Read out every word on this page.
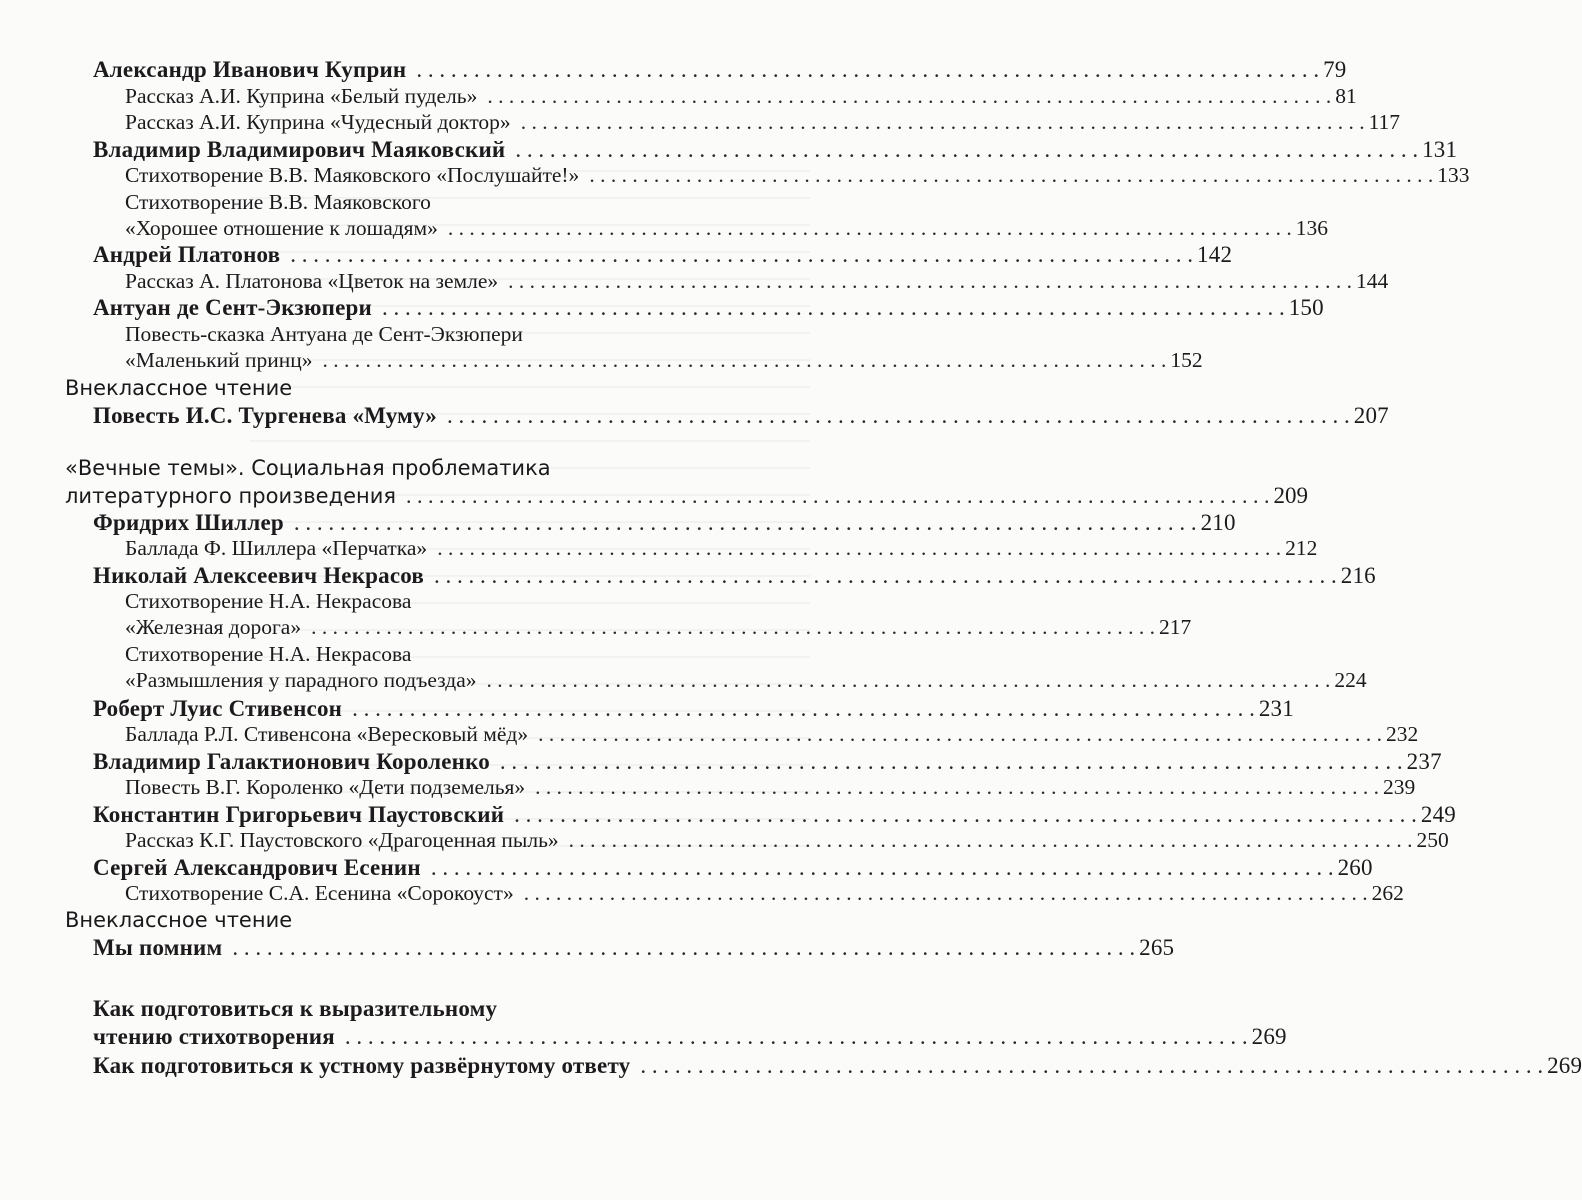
Александр Иванович Куприн . . .	79
Рассказ А.И. Куприна «Белый пудель» . . .	81
Рассказ А.И. Куприна «Чудесный доктор» . . .	117
Владимир Владимирович Маяковский . . .	131
Стихотворение В.В. Маяковского «Послушайте!» . . .	133
Стихотворение В.В. Маяковского
«Хорошее отношение к лошадям» . . .	136
Андрей Платонов . . .	142
Рассказ А. Платонова «Цветок на земле» . . .	144
Антуан де Сент-Экзюпери . . .	150
Повесть-сказка Антуана де Сент-Экзюпери
«Маленький принц» . . .	152
Внеклассное чтение
Повесть И.С. Тургенева «Муму» . . .	207
«Вечные темы». Социальная проблематика
литературного произведения . . .	209
Фридрих Шиллер . . .	210
Баллада Ф. Шиллера «Перчатка» . . .	212
Николай Алексеевич Некрасов . . .	216
Стихотворение Н.А. Некрасова
«Железная дорога» . . .	217
Стихотворение Н.А. Некрасова
«Размышления у парадного подъезда» . . .	224
Роберт Луис Стивенсон . . .	231
Баллада Р.Л. Стивенсона «Вересковый мёд» . . .	232
Владимир Галактионович Короленко . . .	237
Повесть В.Г. Короленко «Дети подземелья» . . .	239
Константин Григорьевич Паустовский . . .	249
Рассказ К.Г. Паустовского «Драгоценная пыль» . . .	250
Сергей Александрович Есенин . . .	260
Стихотворение С.А. Есенина «Сорокоуст» . . .	262
Внеклассное чтение
Мы помним . . .	265
Как подготовиться к выразительному
чтению стихотворения . . .	269
Как подготовиться к устному развёрнутому ответу . . .	269
